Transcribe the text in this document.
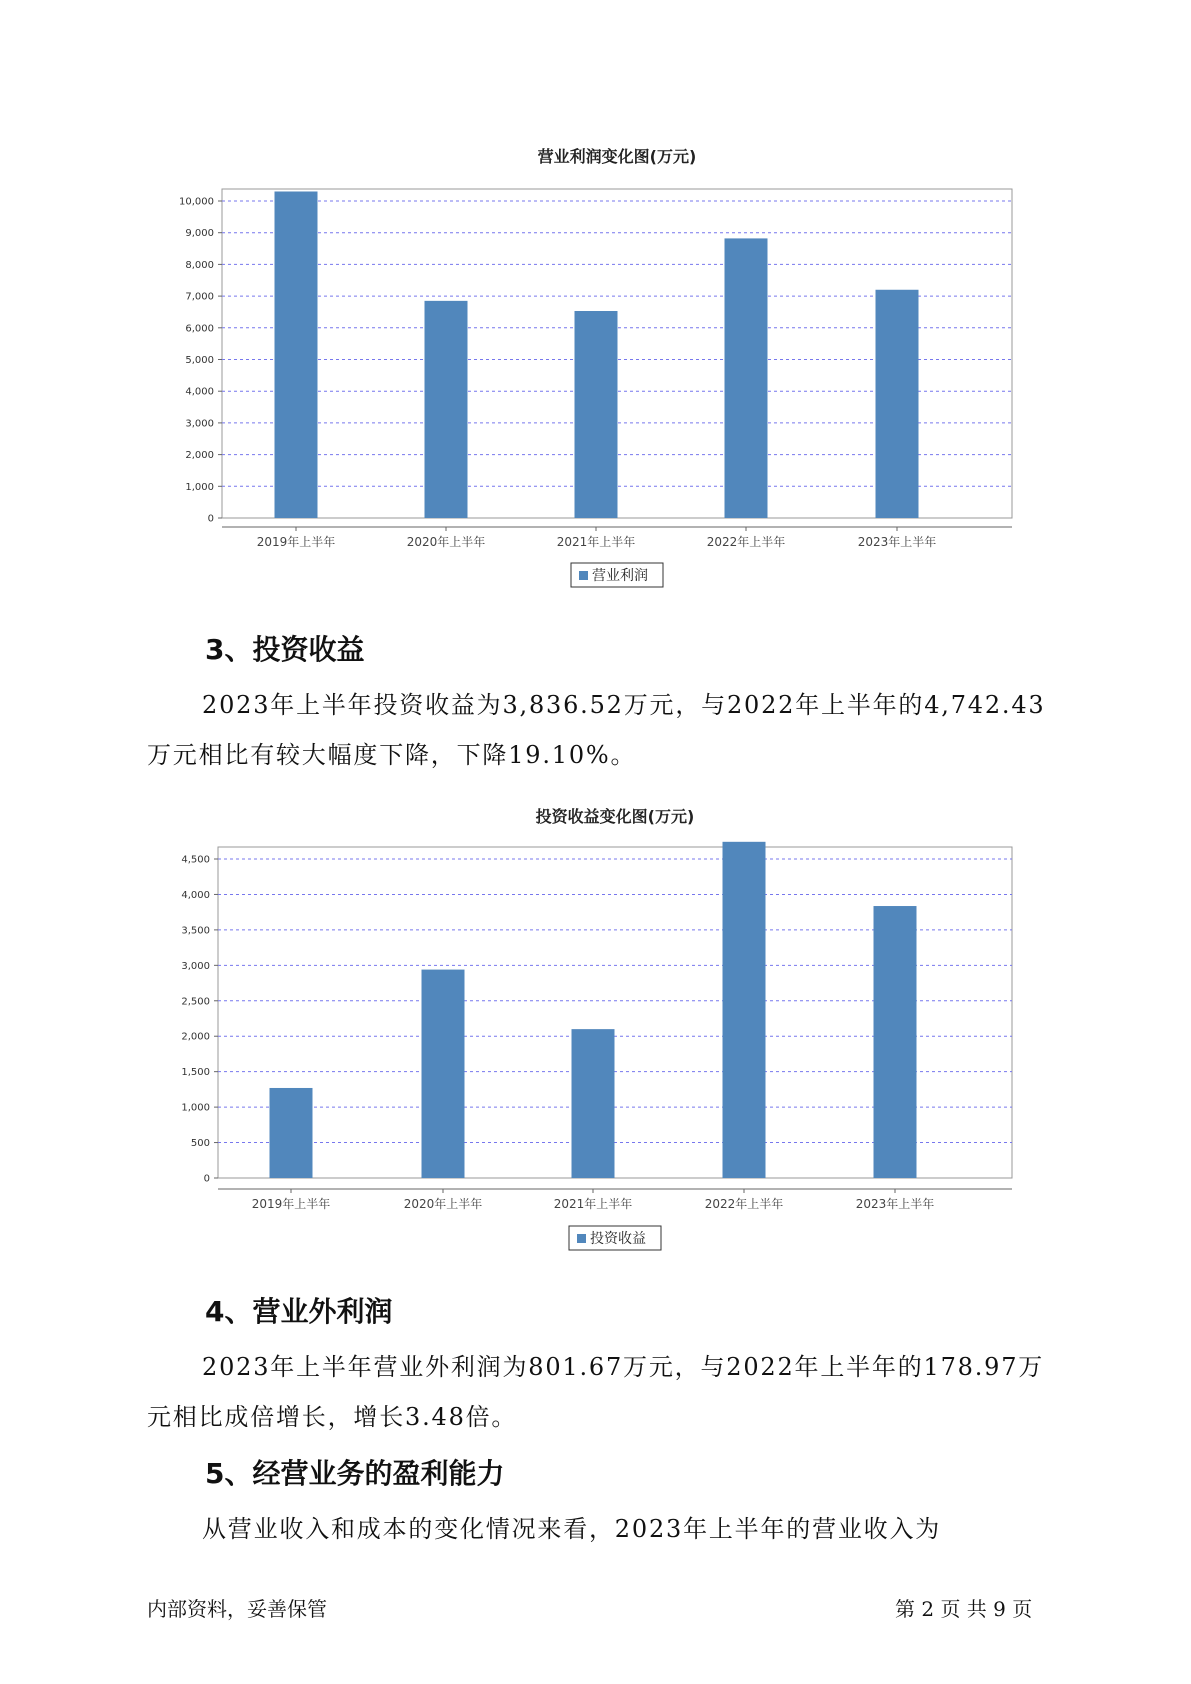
营业利润变化图(万元)
0
1,000
2,000
3,000
4,000
5,000
6,000
7,000
8,000
9,000
10,000
2019年上半年	2020年上半年	2021年上半年	2022年上半年	2023年上半年
营业利润
3、投资收益

2023年上半年投资收益为3,836.52万元，与2022年上半年的4,742.43万元相比有较大幅度下降，下降19.10%。

投资收益变化图(万元)
0
500
1,000
1,500
2,000
2,500
3,000
3,500
4,000
4,500
2019年上半年	2020年上半年	2021年上半年	2022年上半年	2023年上半年
投资收益
4、营业外利润

2023年上半年营业外利润为801.67万元，与2022年上半年的178.97万元相比成倍增长，增长3.48倍。

5、经营业务的盈利能力

从营业收入和成本的变化情况来看，2023年上半年的营业收入为

内部资料，妥善保管	第 2 页 共 9 页
